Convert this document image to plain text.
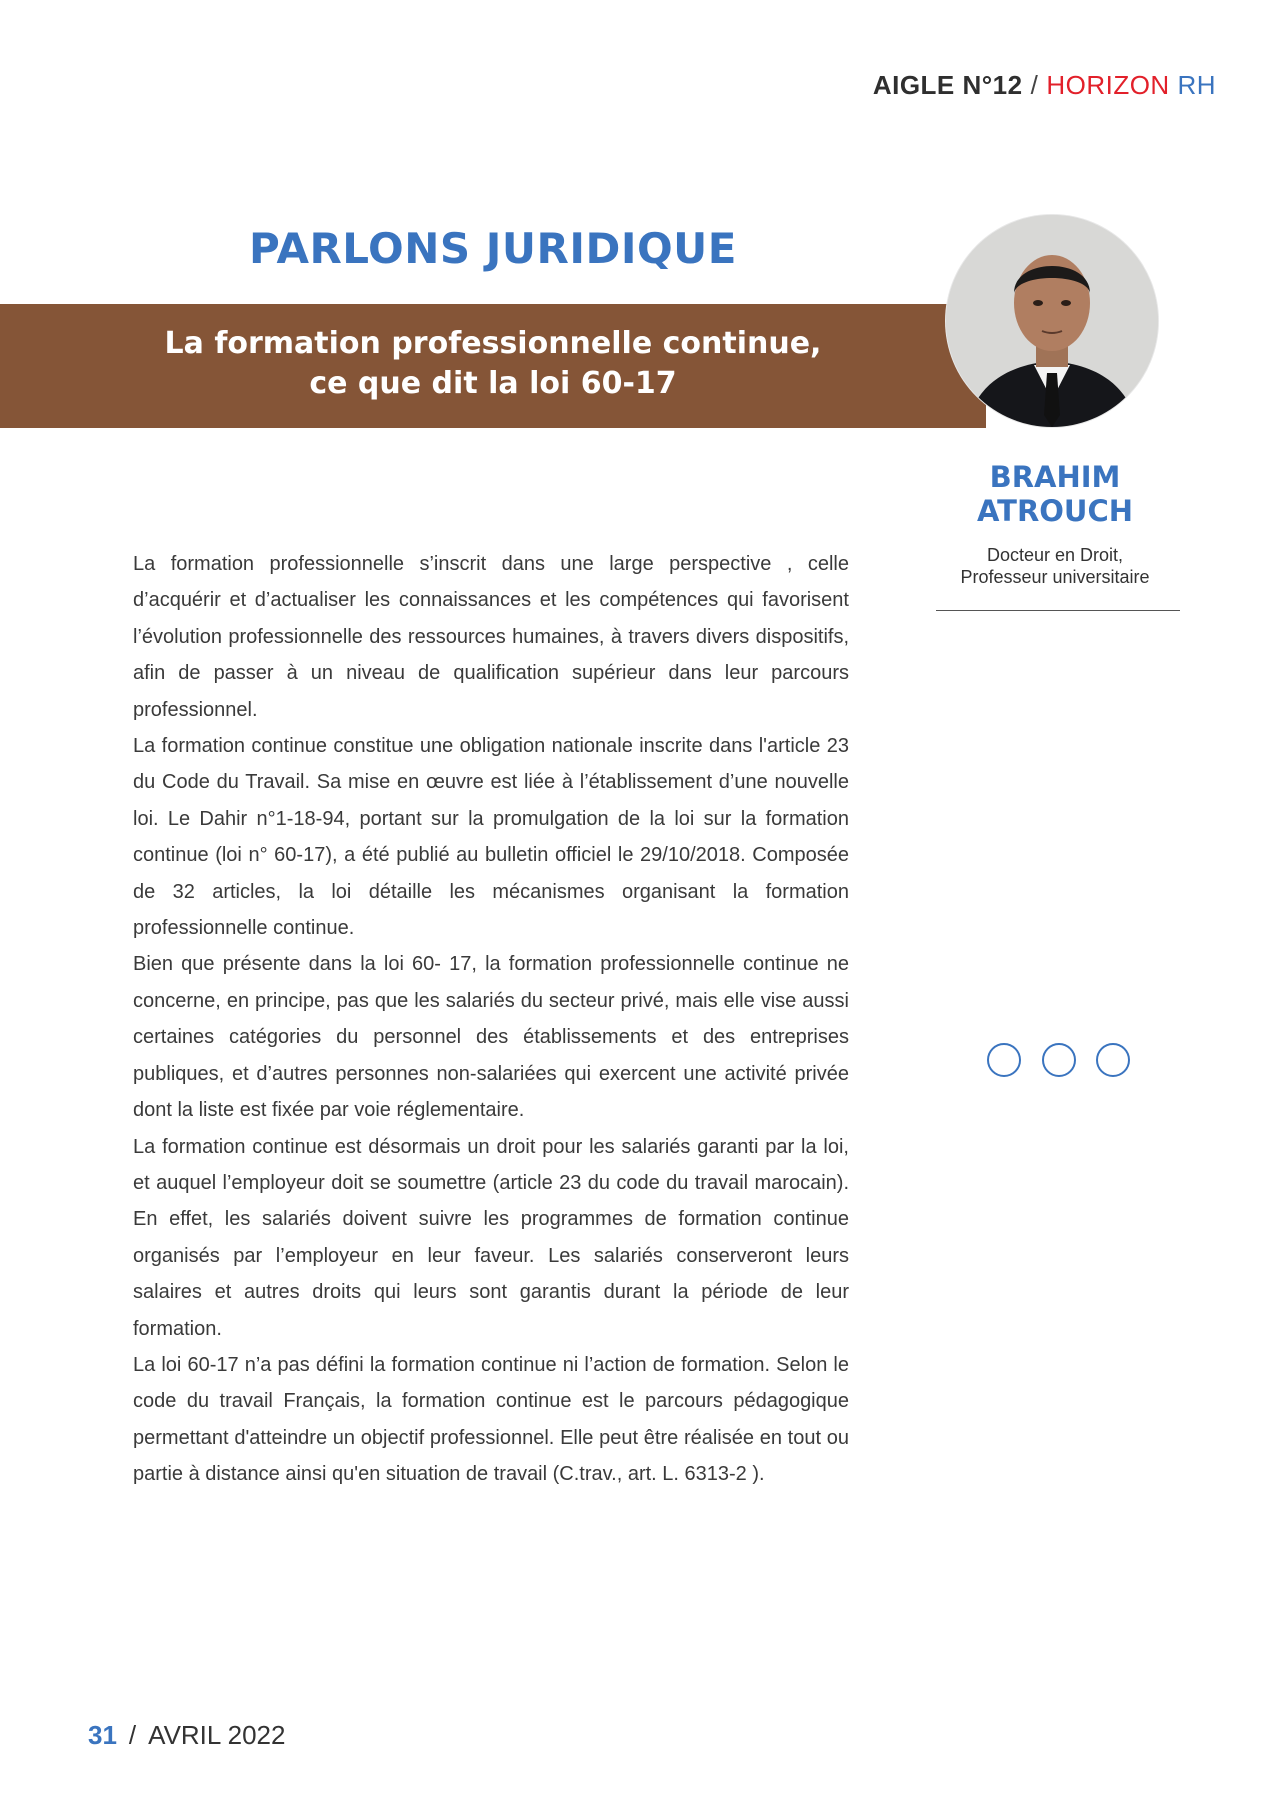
AIGLE N°12 / HORIZON RH
PARLONS JURIDIQUE
La formation professionnelle continue,
ce que dit la loi 60-17
BRAHIM
ATROUCH
Docteur en Droit,
Professeur universitaire

La formation professionnelle s’inscrit dans une large perspective , celle d’acquérir et d’actualiser les connaissances et les compétences qui favorisent l’évolution professionnelle des ressources humaines, à travers divers dispositifs, afin de passer à un niveau de qualification supérieur dans leur parcours professionnel.

La formation continue constitue une obligation nationale inscrite dans l'article 23 du Code du Travail. Sa mise en œuvre est liée à l’établissement d’une nouvelle loi. Le Dahir n°1-18-94, portant sur la promulgation de la loi sur la formation continue (loi n° 60-17), a été publié au bulletin officiel le 29/10/2018. Composée de 32 articles, la loi détaille les mécanismes organisant la formation professionnelle continue.

Bien que présente dans la loi 60- 17, la formation professionnelle continue ne concerne, en principe, pas que les salariés du secteur privé, mais elle vise aussi certaines catégories du personnel des établissements et des entreprises publiques, et d’autres personnes non-salariées qui exercent une activité privée dont la liste est fixée par voie réglementaire.

La formation continue est désormais un droit pour les salariés garanti par la loi, et auquel l’employeur doit se soumettre (article 23 du code du travail marocain). En effet, les salariés doivent suivre les programmes de formation continue organisés par l’employeur en leur faveur. Les salariés conserveront leurs salaires et autres droits qui leurs sont garantis durant la période de leur formation.

La loi 60-17 n’a pas défini la formation continue ni l’action de formation. Selon le code du travail Français, la formation continue est le parcours pédagogique permettant d'atteindre un objectif professionnel. Elle peut être réalisée en tout ou partie à distance ainsi qu'en situation de travail (C.trav., art. L. 6313-2 ).

31 / AVRIL 2022
